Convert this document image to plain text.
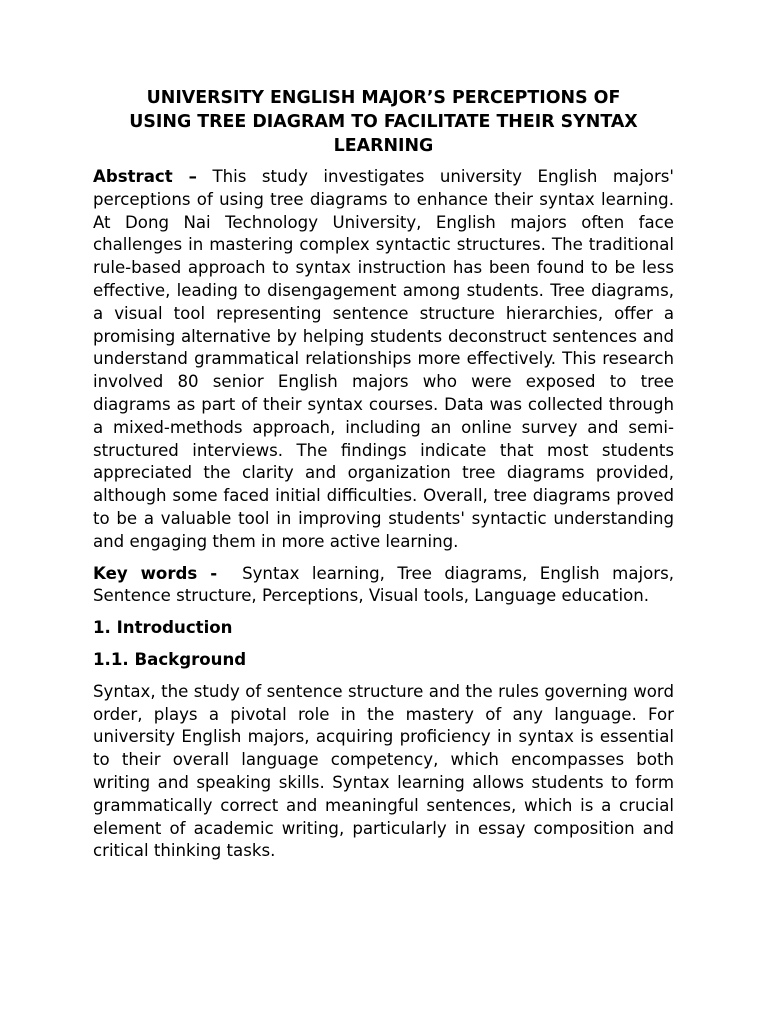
UNIVERSITY ENGLISH MAJOR’S PERCEPTIONS OF
USING TREE DIAGRAM TO FACILITATE THEIR SYNTAX
LEARNING

Abstract – This study investigates university English majors' perceptions of using tree diagrams to enhance their syntax learning. At Dong Nai Technology University, English majors often face challenges in mastering complex syntactic structures. The traditional rule-based approach to syntax instruction has been found to be less effective, leading to disengagement among students. Tree diagrams, a visual tool representing sentence structure hierarchies, offer a promising alternative by helping students deconstruct sentences and understand grammatical relationships more effectively. This research involved 80 senior English majors who were exposed to tree diagrams as part of their syntax courses. Data was collected through a mixed-methods approach, including an online survey and semi-structured interviews. The findings indicate that most students appreciated the clarity and organization tree diagrams provided, although some faced initial difficulties. Overall, tree diagrams proved to be a valuable tool in improving students' syntactic understanding and engaging them in more active learning.

Key words - Syntax learning, Tree diagrams, English majors, Sentence structure, Perceptions, Visual tools, Language education.

1. Introduction
1.1. Background

Syntax, the study of sentence structure and the rules governing word order, plays a pivotal role in the mastery of any language. For university English majors, acquiring proficiency in syntax is essential to their overall language competency, which encompasses both writing and speaking skills. Syntax learning allows students to form grammatically correct and meaningful sentences, which is a crucial element of academic writing, particularly in essay composition and critical thinking tasks.
